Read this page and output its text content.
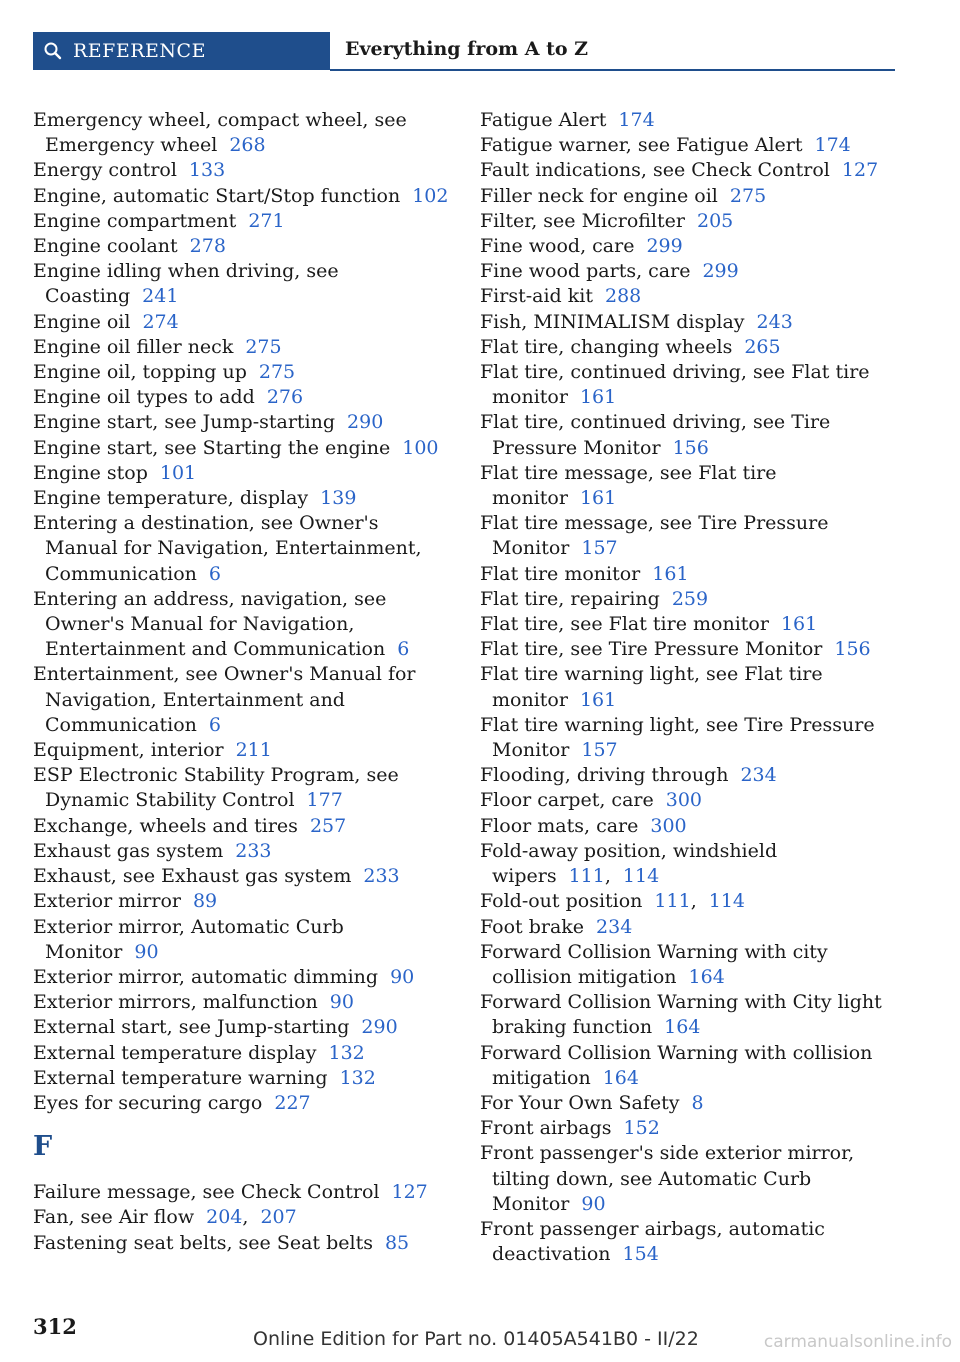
REFERENCE	Everything from A to Z
Emergency wheel, compact wheel, see Emergency wheel 268
Energy control 133
Engine, automatic Start/Stop function 102
Engine compartment 271
Engine coolant 278
Engine idling when driving, see Coasting 241
Engine oil 274
Engine oil filler neck 275
Engine oil, topping up 275
Engine oil types to add 276
Engine start, see Jump-starting 290
Engine start, see Starting the engine 100
Engine stop 101
Engine temperature, display 139
Entering a destination, see Owner's Manual for Navigation, Entertainment, Communication 6
Entering an address, navigation, see Owner's Manual for Navigation, Entertainment and Communication 6
Entertainment, see Owner's Manual for Navigation, Entertainment and Communication 6
Equipment, interior 211
ESP Electronic Stability Program, see Dynamic Stability Control 177
Exchange, wheels and tires 257
Exhaust gas system 233
Exhaust, see Exhaust gas system 233
Exterior mirror 89
Exterior mirror, Automatic Curb Monitor 90
Exterior mirror, automatic dimming 90
Exterior mirrors, malfunction 90
External start, see Jump-starting 290
External temperature display 132
External temperature warning 132
Eyes for securing cargo 227
F
Failure message, see Check Control 127
Fan, see Air flow 204, 207
Fastening seat belts, see Seat belts 85
Fatigue Alert 174
Fatigue warner, see Fatigue Alert 174
Fault indications, see Check Control 127
Filler neck for engine oil 275
Filter, see Microfilter 205
Fine wood, care 299
Fine wood parts, care 299
First-aid kit 288
Fish, MINIMALISM display 243
Flat tire, changing wheels 265
Flat tire, continued driving, see Flat tire monitor 161
Flat tire, continued driving, see Tire Pressure Monitor 156
Flat tire message, see Flat tire monitor 161
Flat tire message, see Tire Pressure Monitor 157
Flat tire monitor 161
Flat tire, repairing 259
Flat tire, see Flat tire monitor 161
Flat tire, see Tire Pressure Monitor 156
Flat tire warning light, see Flat tire monitor 161
Flat tire warning light, see Tire Pressure Monitor 157
Flooding, driving through 234
Floor carpet, care 300
Floor mats, care 300
Fold-away position, windshield wipers 111, 114
Fold-out position 111, 114
Foot brake 234
Forward Collision Warning with city collision mitigation 164
Forward Collision Warning with City light braking function 164
Forward Collision Warning with collision mitigation 164
For Your Own Safety 8
Front airbags 152
Front passenger's side exterior mirror, tilting down, see Automatic Curb Monitor 90
Front passenger airbags, automatic deactivation 154
312	Online Edition for Part no. 01405A541B0 - II/22	carmanualsonline.info
